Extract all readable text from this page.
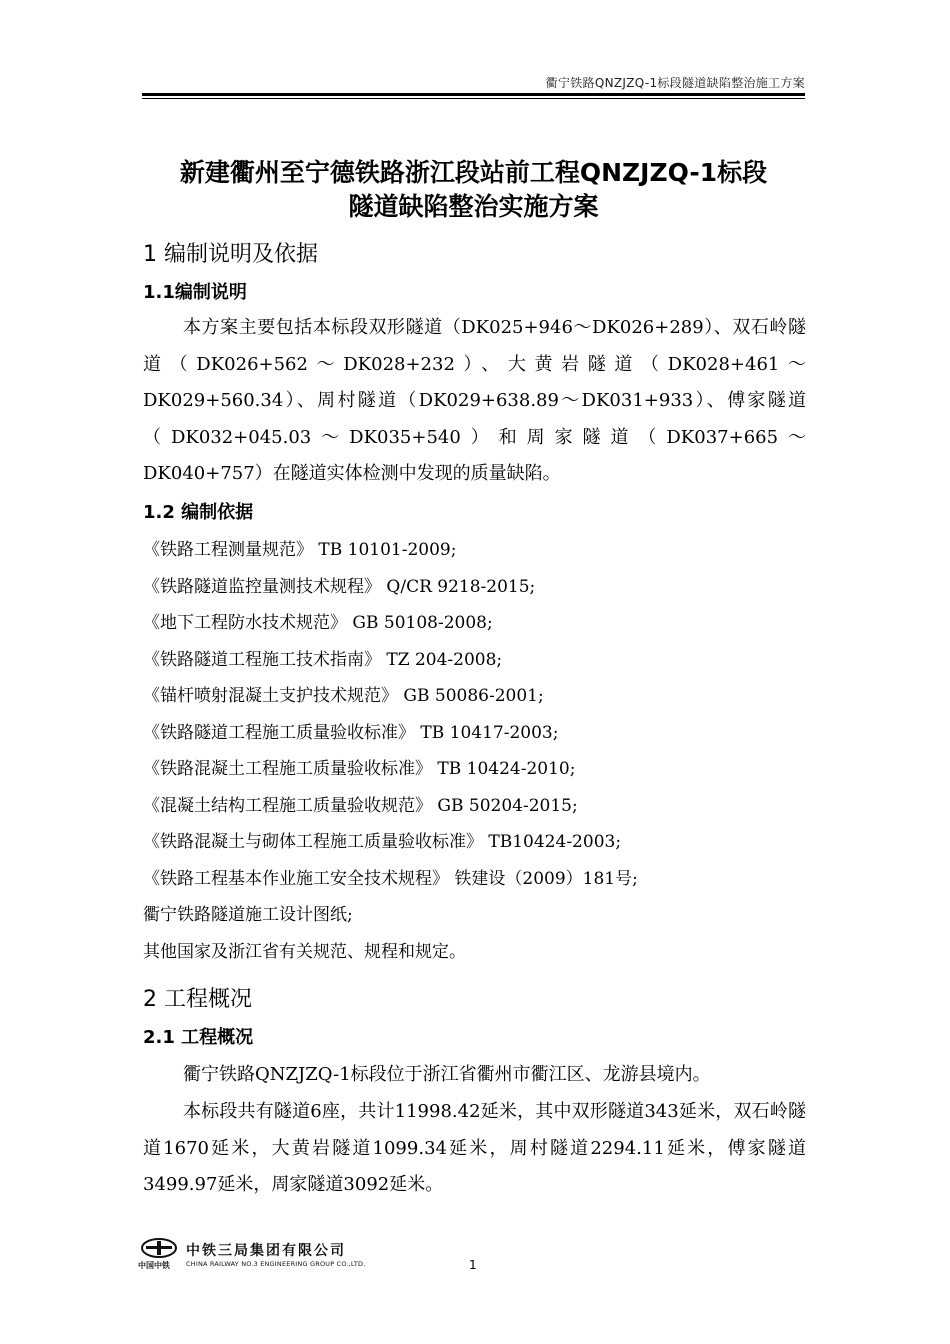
衢宁铁路QNZJZQ-1标段隧道缺陷整治施工方案
新建衢州至宁德铁路浙江段站前工程QNZJZQ-1标段
隧道缺陷整治实施方案
1 编制说明及依据
1.1编制说明

本方案主要包括本标段双形隧道（DK025+946～DK026+289）、双石岭隧道（DK026+562～DK028+232）、大黄岩隧道（DK028+461～DK029+560.34）、周村隧道（DK029+638.89～DK031+933）、傅家隧道（DK032+045.03～DK035+540）和周家隧道（DK037+665～DK040+757）在隧道实体检测中发现的质量缺陷。

1.2 编制依据
《铁路工程测量规范》 TB 10101-2009;
《铁路隧道监控量测技术规程》 Q/CR 9218-2015;
《地下工程防水技术规范》 GB 50108-2008;
《铁路隧道工程施工技术指南》 TZ 204-2008;
《锚杆喷射混凝土支护技术规范》 GB 50086-2001;
《铁路隧道工程施工质量验收标准》 TB 10417-2003;
《铁路混凝土工程施工质量验收标准》 TB 10424-2010;
《混凝土结构工程施工质量验收规范》 GB 50204-2015;
《铁路混凝土与砌体工程施工质量验收标准》 TB10424-2003;
《铁路工程基本作业施工安全技术规程》 铁建设（2009）181号;
衢宁铁路隧道施工设计图纸;
其他国家及浙江省有关规范、规程和规定。
2 工程概况
2.1 工程概况

衢宁铁路QNZJZQ-1标段位于浙江省衢州市衢江区、龙游县境内。

本标段共有隧道6座，共计11998.42延米，其中双形隧道343延米，双石岭隧道1670延米，大黄岩隧道1099.34延米，周村隧道2294.11延米，傅家隧道3499.97延米，周家隧道3092延米。

中国中铁
中铁三局集团有限公司
CHINA RAILWAY NO.3 ENGINEERING GROUP CO.,LTD.	1
